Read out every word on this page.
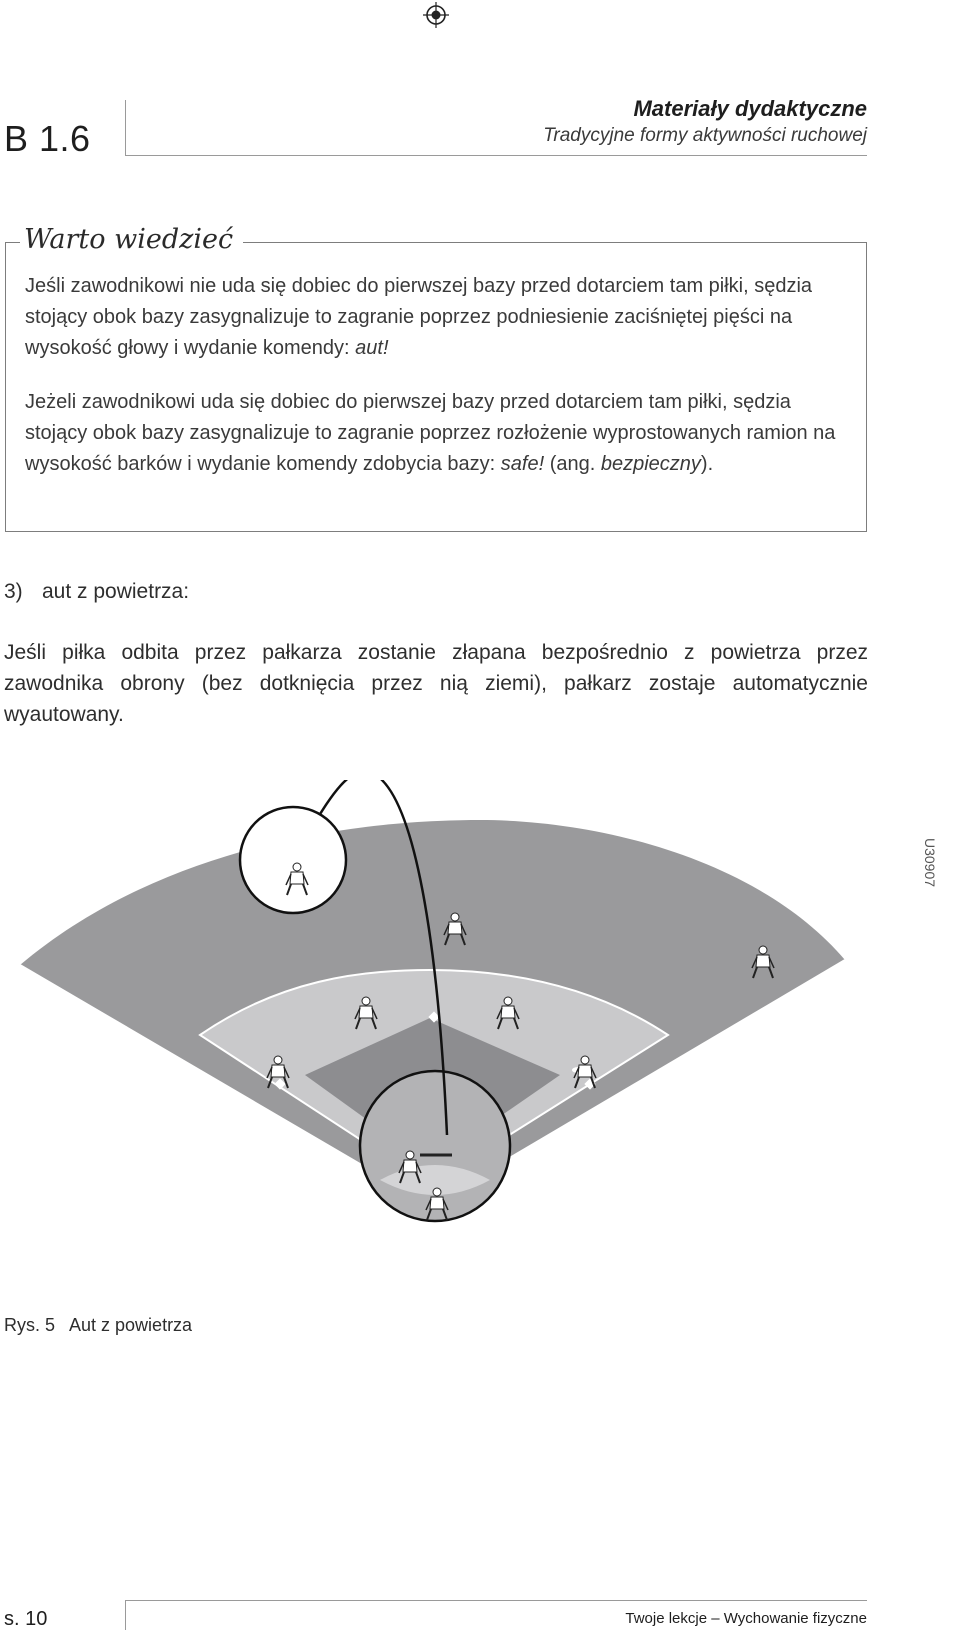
B 1.6
Materiały dydaktyczne
Tradycyjne formy aktywności ruchowej
Warto wiedzieć
Jeśli zawodnikowi nie uda się dobiec do pierwszej bazy przed dotarciem tam piłki, sędzia stojący obok bazy zasygnalizuje to zagranie poprzez podniesienie zaciśniętej pięści na wysokość głowy i wydanie komendy: aut!
Jeżeli zawodnikowi uda się dobiec do pierwszej bazy przed dotarciem tam piłki, sędzia stojący obok bazy zasygnalizuje to zagranie poprzez rozłożenie wyprostowanych ramion na wysokość barków i wydanie komendy zdobycia bazy: safe! (ang. bezpieczny).
3) aut z powietrza:
Jeśli piłka odbita przez pałkarza zostanie złapana bezpośrednio z powietrza przez zawodnika obrony (bez dotknięcia przez nią ziemi), pałkarz zostaje automatycznie wyautowany.
U30907
Rys. 5 Aut z powietrza
s. 10	Twoje lekcje – Wychowanie fizyczne
